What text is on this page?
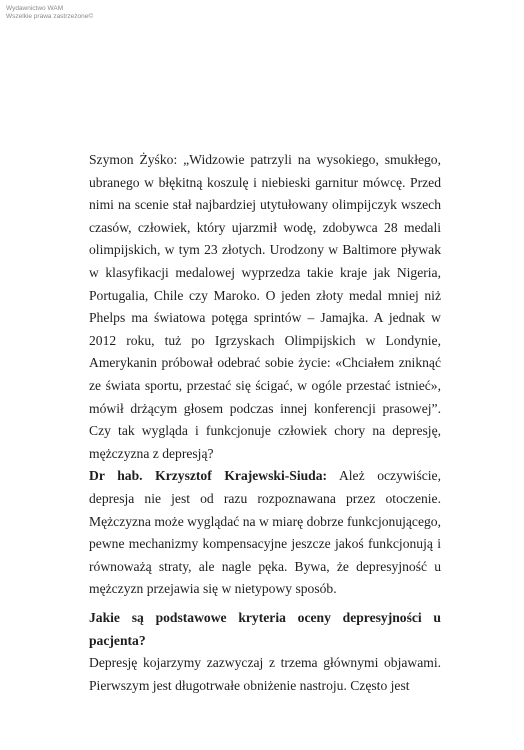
Wydawnictwo WAM
Wszelkie prawa zastrzeżone©

Szymon Żyśko: „Widzowie patrzyli na wysokiego, smukłego, ubranego w błękitną koszulę i niebieski garnitur mówcę. Przed nimi na scenie stał najbardziej utytułowany olimpijczyk wszech czasów, człowiek, który ujarzmił wodę, zdobywca 28 medali olimpijskich, w tym 23 złotych. Urodzony w Baltimore pływak w klasyfikacji medalowej wyprzedza takie kraje jak Nigeria, Portugalia, Chile czy Maroko. O jeden złoty medal mniej niż Phelps ma światowa potęga sprintów – Jamajka. A jednak w 2012 roku, tuż po Igrzyskach Olimpijskich w Londynie, Amerykanin próbował odebrać sobie życie: «Chciałem zniknąć ze świata sportu, przestać się ścigać, w ogóle przestać istnieć», mówił drżącym głosem podczas innej konferencji prasowej”. Czy tak wygląda i funkcjonuje człowiek chory na depresję, mężczyzna z depresją?

Dr hab. Krzysztof Krajewski-Siuda: Ależ oczywiście, depresja nie jest od razu rozpoznawana przez otoczenie. Mężczyzna może wyglądać na w miarę dobrze funkcjonującego, pewne mechanizmy kompensacyjne jeszcze jakoś funkcjonują i równoważą straty, ale nagle pęka. Bywa, że depresyjność u mężczyzn przejawia się w nietypowy sposób.

Jakie są podstawowe kryteria oceny depresyjności u pacjenta?

Depresję kojarzymy zazwyczaj z trzema głównymi objawami. Pierwszym jest długotrwałe obniżenie nastroju. Często jest
